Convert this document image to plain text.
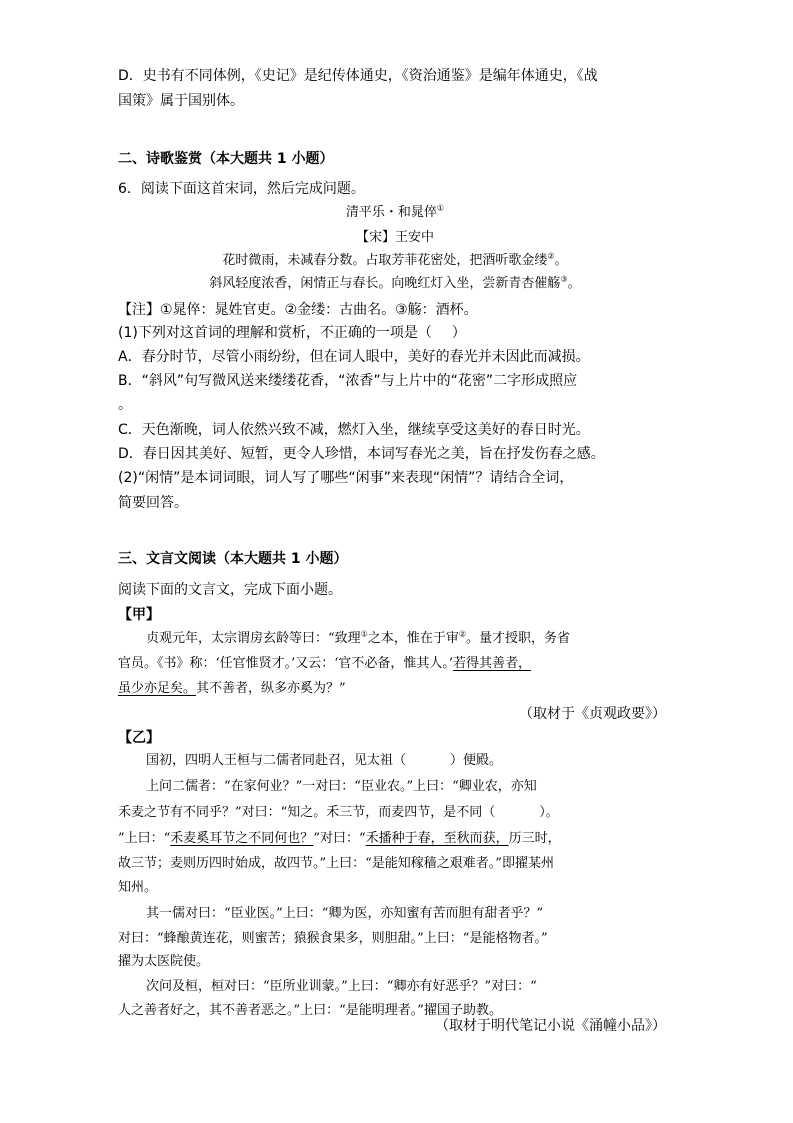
D．史书有不同体例，《史记》是纪传体通史，《资治通鉴》是编年体通史，《战
国策》属于国别体。
二、诗歌鉴赏（本大题共 1 小题）
6．阅读下面这首宋词，然后完成问题。
清平乐・和晁倅①
【宋】王安中
花时微雨，未减春分数。占取芳菲花密处，把酒听歌金缕②。
斜风轻度浓香，闲情正与春长。向晚红灯入坐，尝新青杏催觞③。
【注】①晁倅：晁姓官吏。②金缕：古曲名。③觞：酒杯。
(1)下列对这首词的理解和赏析，不正确的一项是（ ）
A．春分时节，尽管小雨纷纷，但在词人眼中，美好的春光并未因此而减损。
B．“斜风”句写微风送来缕缕花香，“浓香”与上片中的“花密”二字形成照应
。
C．天色渐晚，词人依然兴致不减，燃灯入坐，继续享受这美好的春日时光。
D．春日因其美好、短暂，更令人珍惜，本词写春光之美，旨在抒发伤春之感。
(2)“闲情”是本词词眼，词人写了哪些“闲事”来表现“闲情”？请结合全词，
简要回答。
三、文言文阅读（本大题共 1 小题）
阅读下面的文言文，完成下面小题。
【甲】
贞观元年，太宗谓房玄龄等曰：“致理①之本，惟在于审②。量才授职，务省
官员。《书》称：‘任官惟贤才。’又云：‘官不必备，惟其人。’若得其善者，
虽少亦足矣。其不善者，纵多亦奚为？”
（取材于《贞观政要》）
【乙】
国初，四明人王桓与二儒者同赴召，见太祖（	）便殿。
上问二儒者：“在家何业？”一对曰：“臣业农。”上曰：“卿业农，亦知
禾麦之节有不同乎？”对曰：“知之。禾三节，而麦四节，是不同（	）。
”上曰：“禾麦奚耳节之不同何也？”对曰：“禾播种于春，至秋而获，历三时，
故三节；麦则历四时始成，故四节。”上曰：“是能知稼穑之艰难者。”即擢某州
知州。
其一儒对曰：“臣业医。”上曰：“卿为医，亦知蜜有苦而胆有甜者乎？”
对曰：“蜂酿黄连花，则蜜苦；猿猴食果多，则胆甜。”上曰：“是能格物者。”
擢为太医院使。
次问及桓，桓对曰：“臣所业训蒙。”上曰：“卿亦有好恶乎？”对曰：“
人之善者好之，其不善者恶之。”上曰：“是能明理者。”擢国子助教。
（取材于明代笔记小说《涌幢小品》）
